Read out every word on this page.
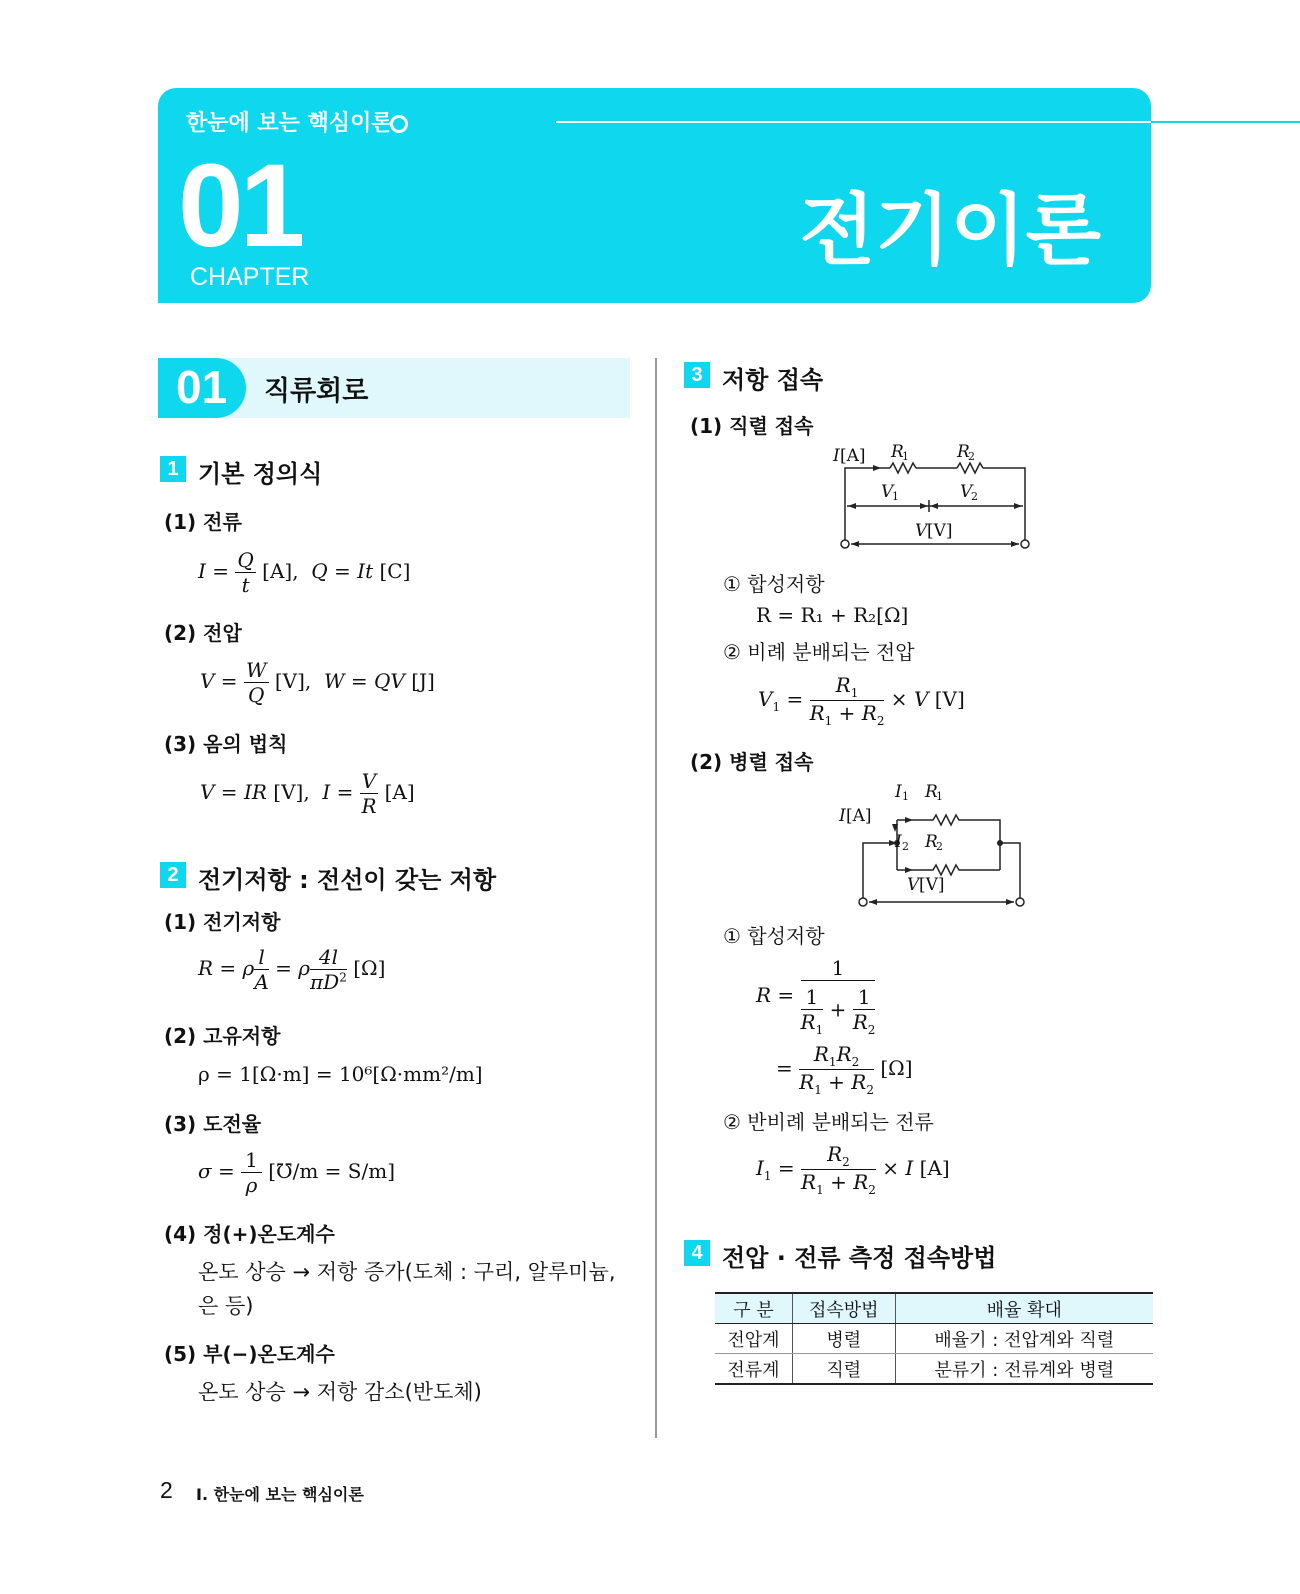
한눈에 보는 핵심이론
01
CHAPTER
전기이론
01 직류회로
1 기본 정의식
(1) 전류
$I = \frac{Q}{t} [A]$,  Q = It [C]
(2) 전압
$V = \frac{W}{Q} [V]$,  W = QV [J]
(3) 옴의 법칙
V = IR [V],  $I = \frac{V}{R} [A]$
2 전기저항 : 전선이 갖는 저항
(1) 전기저항
R = ρ $\frac{l}{A} = \rho \frac{4l}{\pi D^2} [\Omega]$
(2) 고유저항
ρ = 1[Ω·m] = 10⁶[Ω·mm²/m]
(3) 도전율
$\sigma = \frac{1}{\rho}$ [℧/m = S/m]
(4) 정(+)온도계수
온도 상승 → 저항 증가(도체 : 구리, 알루미늄,
은 등)
(5) 부(−)온도계수
온도 상승 → 저항 감소(반도체)
3 저항 접속
(1) 직렬 접속
I [A] R
1	R
2
V
1	V
2
V [V]
① 합성저항
R = R₁ + R₂[Ω]
② 비례 분배되는 전압
$V_1 = \frac{R_1}{R_1 + R_2} \times V$ [V]
(2) 병렬 접속
I [A]
I 1 R
1
I 2 R
2
V [V]
① 합성저항
$R = \frac{1}{\frac{1}{R_1} + \frac{1}{R_2}}$
= $\frac{R_1R_2}{R_1 + R_2} [\Omega]$
② 반비례 분배되는 전류
$I_1 = \frac{R_2}{R_1 + R_2} \times I$ [A]
4 전압 · 전류 측정 접속방법
구 분	접속방법	배율 확대
전압계	병렬	배율기 : 전압계와 직렬
전류계	직렬	분류기 : 전류계와 병렬
2 Ⅰ. 한눈에 보는 핵심이론
